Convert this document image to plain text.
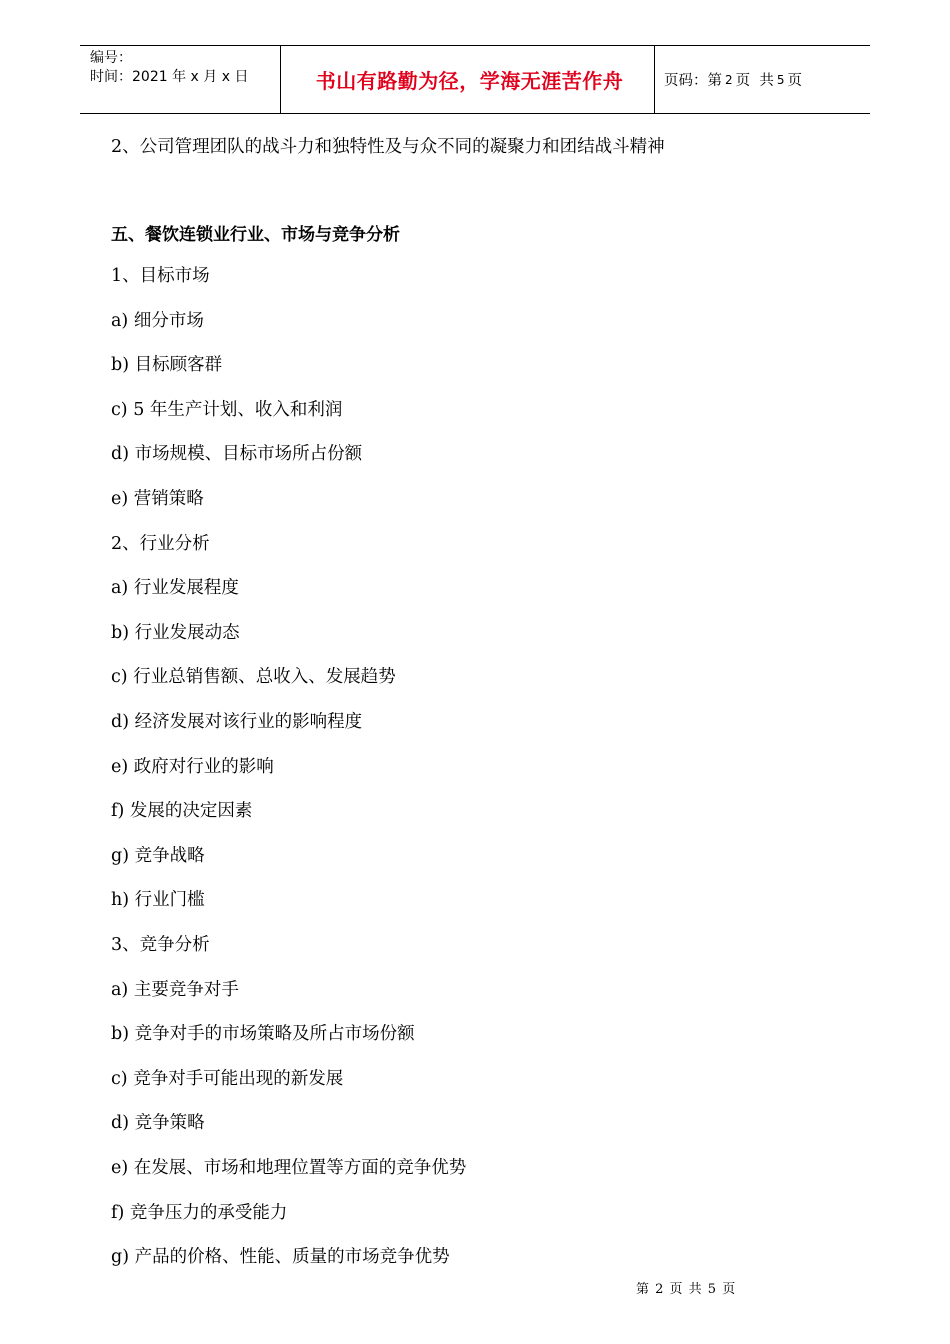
编号：
时间：2021 年 x 月 x 日	书山有路勤为径，学海无涯苦作舟	页码：第 2 页  共 5 页
2、公司管理团队的战斗力和独特性及与众不同的凝聚力和团结战斗精神
五、餐饮连锁业行业、市场与竞争分析
1、目标市场
a) 细分市场
b) 目标顾客群
c) 5 年生产计划、收入和利润
d) 市场规模、目标市场所占份额
e) 营销策略
2、行业分析
a) 行业发展程度
b) 行业发展动态
c) 行业总销售额、总收入、发展趋势
d) 经济发展对该行业的影响程度
e) 政府对行业的影响
f) 发展的决定因素
g) 竞争战略
h) 行业门槛
3、竞争分析
a) 主要竞争对手
b) 竞争对手的市场策略及所占市场份额
c) 竞争对手可能出现的新发展
d) 竞争策略
e) 在发展、市场和地理位置等方面的竞争优势
f) 竞争压力的承受能力
g) 产品的价格、性能、质量的市场竞争优势
第 2 页 共 5 页
